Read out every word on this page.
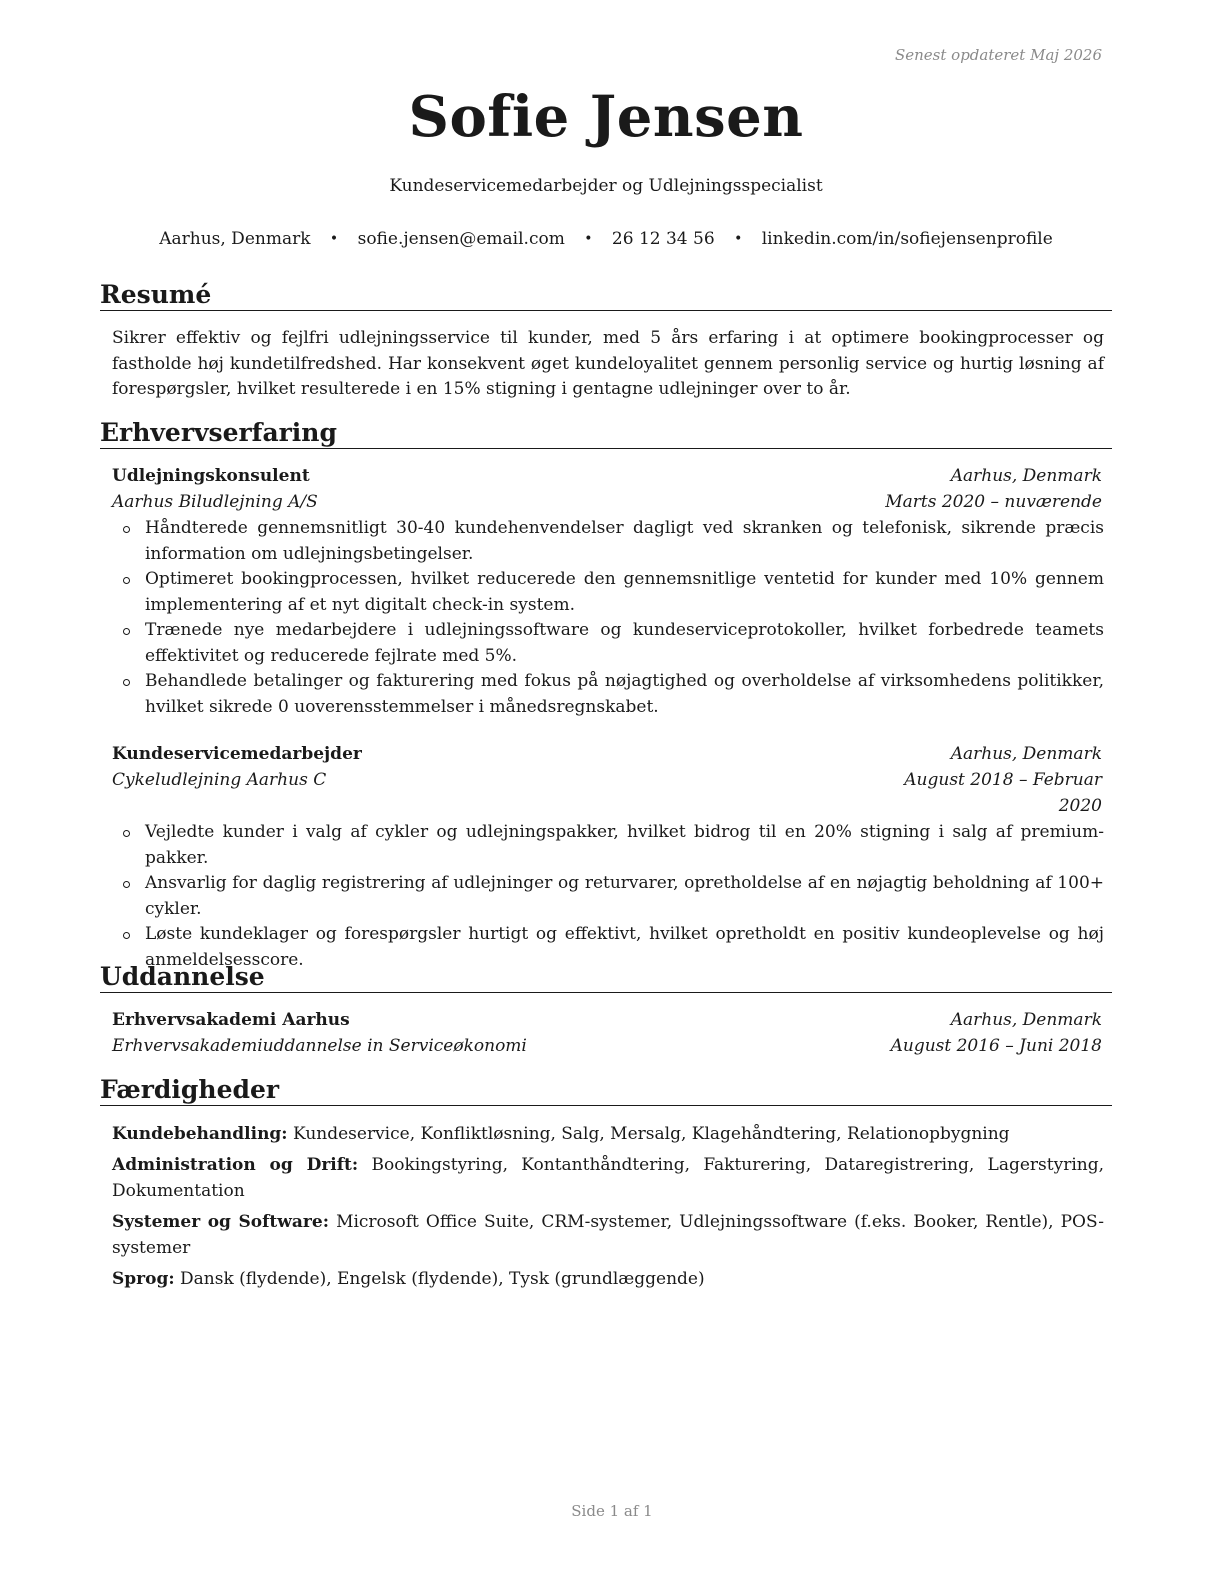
Senest opdateret Maj 2026
Sofie Jensen
Kundeservicemedarbejder og Udlejningsspecialist
Aarhus, Denmark • sofie.jensen@email.com • 26 12 34 56 • linkedin.com/in/sofiejensenprofile
Resumé
Sikrer effektiv og fejlfri udlejningsservice til kunder, med 5 års erfaring i at optimere bookingprocesser og fastholde høj kundetilfredshed. Har konsekvent øget kundeloyalitet gennem personlig service og hurtig løsning af forespørgsler, hvilket resulterede i en 15% stigning i gentagne udlejninger over to år.
Erhvervserfaring
Udlejningskonsulent	Aarhus, Denmark
Aarhus Biludlejning A/S	Marts 2020 – nuværende
Håndterede gennemsnitligt 30-40 kundehenvendelser dagligt ved skranken og telefonisk, sikrende præcis information om udlejningsbetingelser.
Optimeret bookingprocessen, hvilket reducerede den gennemsnitlige ventetid for kunder med 10% gennem implementering af et nyt digitalt check-in system.
Trænede nye medarbejdere i udlejningssoftware og kundeserviceprotokoller, hvilket forbedrede teamets effektivitet og reducerede fejlrate med 5%.
Behandlede betalinger og fakturering med fokus på nøjagtighed og overholdelse af virksomhedens politikker, hvilket sikrede 0 uoverensstemmelser i månedsregnskabet.
Kundeservicemedarbejder	Aarhus, Denmark
Cykeludlejning Aarhus C	August 2018 – Februar
2020
Vejledte kunder i valg af cykler og udlejningspakker, hvilket bidrog til en 20% stigning i salg af premium-pakker.
Ansvarlig for daglig registrering af udlejninger og returvarer, opretholdelse af en nøjagtig beholdning af 100+ cykler.
Løste kundeklager og forespørgsler hurtigt og effektivt, hvilket opretholdt en positiv kundeoplevelse og høj anmeldelsesscore.
Uddannelse
Erhvervsakademi Aarhus	Aarhus, Denmark
Erhvervsakademiuddannelse in Serviceøkonomi	August 2016 – Juni 2018
Færdigheder
Kundebehandling: Kundeservice, Konfliktløsning, Salg, Mersalg, Klagehåndtering, Relationopbygning
Administration og Drift: Bookingstyring, Kontanthåndtering, Fakturering, Dataregistrering, Lagerstyring, Dokumentation
Systemer og Software: Microsoft Office Suite, CRM-systemer, Udlejningssoftware (f.eks. Booker, Rentle), POS-systemer
Sprog: Dansk (flydende), Engelsk (flydende), Tysk (grundlæggende)
Side 1 af 1
